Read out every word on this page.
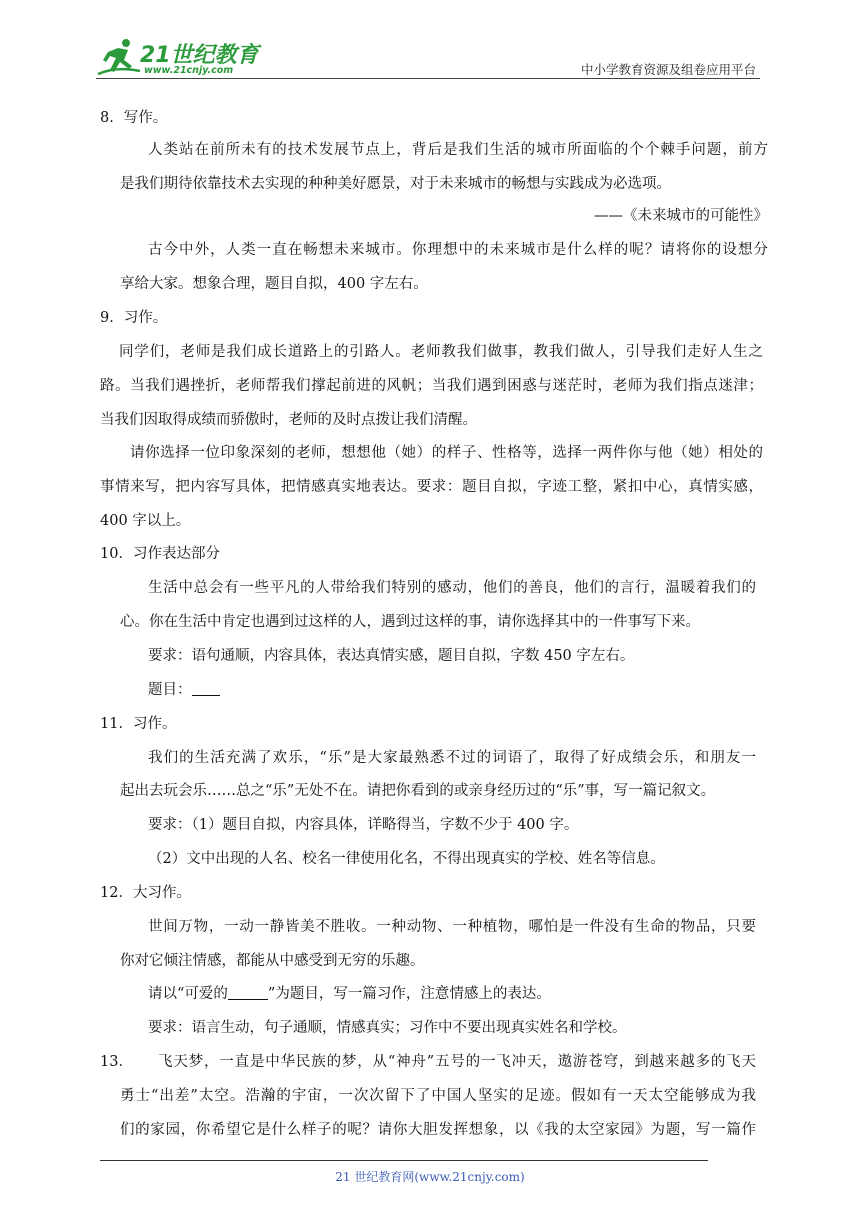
21世纪教育
www.21cnjy.com	中小学教育资源及组卷应用平台
8．写作。
人类站在前所未有的技术发展节点上，背后是我们生活的城市所面临的个个棘手问题，前方
是我们期待依靠技术去实现的种种美好愿景，对于未来城市的畅想与实践成为必选项。
——《未来城市的可能性》
古今中外，人类一直在畅想未来城市。你理想中的未来城市是什么样的呢？请将你的设想分
享给大家。想象合理，题目自拟，400 字左右。
9．习作。
同学们，老师是我们成长道路上的引路人。老师教我们做事，教我们做人，引导我们走好人生之
路。当我们遇挫折，老师帮我们撑起前进的风帆；当我们遇到困惑与迷茫时，老师为我们指点迷津；
当我们因取得成绩而骄傲时，老师的及时点拨让我们清醒。
请你选择一位印象深刻的老师，想想他（她）的样子、性格等，选择一两件你与他（她）相处的
事情来写，把内容写具体，把情感真实地表达。要求：题目自拟，字迹工整，紧扣中心，真情实感，
400 字以上。
10．习作表达部分
生活中总会有一些平凡的人带给我们特别的感动，他们的善良，他们的言行，温暖着我们的
心。你在生活中肯定也遇到过这样的人，遇到过这样的事，请你选择其中的一件事写下来。
要求：语句通顺，内容具体，表达真情实感，题目自拟，字数 450 字左右。
题目：
11．习作。
我们的生活充满了欢乐，“乐”是大家最熟悉不过的词语了，取得了好成绩会乐，和朋友一
起出去玩会乐……总之“乐”无处不在。请把你看到的或亲身经历过的“乐”事，写一篇记叙文。
要求：（1）题目自拟，内容具体，详略得当，字数不少于 400 字。
（2）文中出现的人名、校名一律使用化名，不得出现真实的学校、姓名等信息。
12．大习作。
世间万物，一动一静皆美不胜收。一种动物、一种植物，哪怕是一件没有生命的物品，只要
你对它倾注情感，都能从中感受到无穷的乐趣。
请以“可爱的	”为题目，写一篇习作，注意情感上的表达。
要求：语言生动，句子通顺，情感真实；习作中不要出现真实姓名和学校。
13．	飞天梦，一直是中华民族的梦，从“神舟”五号的一飞冲天，遨游苍穹，到越来越多的飞天
勇士“出差”太空。浩瀚的宇宙，一次次留下了中国人坚实的足迹。假如有一天太空能够成为我
们的家园，你希望它是什么样子的呢？请你大胆发挥想象，以《我的太空家园》为题，写一篇作
21 世纪教育网(www.21cnjy.com)
